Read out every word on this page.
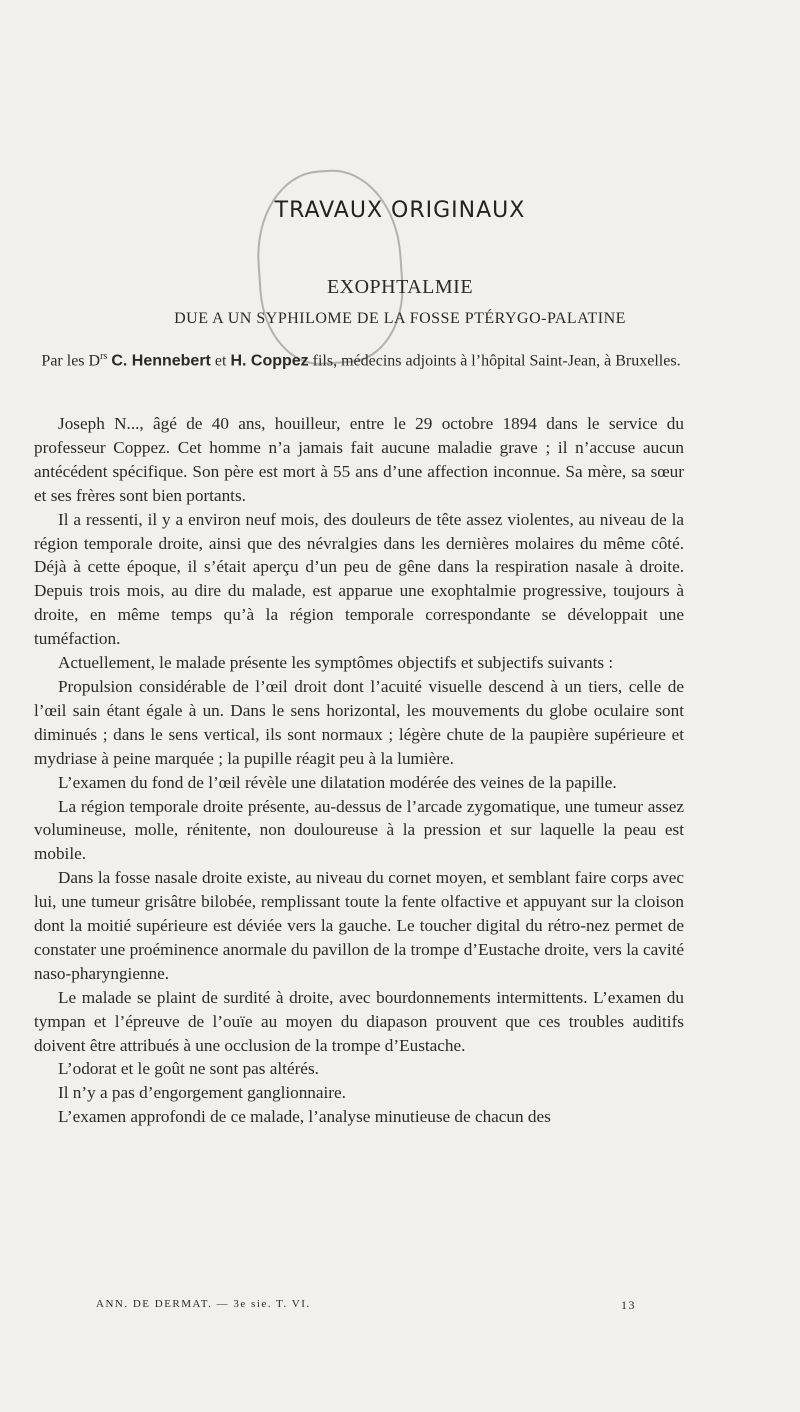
TRAVAUX ORIGINAUX
EXOPHTALMIE
DUE A UN SYPHILOME DE LA FOSSE PTÉRYGO-PALATINE
Par les $D^{rs}$ C. Hennebert et H. Coppez fils, médecins adjoints à l’hôpital Saint-Jean, à Bruxelles.

Joseph N..., âgé de 40 ans, houilleur, entre le 29 octobre 1894 dans le service du professeur Coppez. Cet homme n’a jamais fait aucune maladie grave ; il n’accuse aucun antécédent spécifique. Son père est mort à 55 ans d’une affection inconnue. Sa mère, sa sœur et ses frères sont bien portants.

Il a ressenti, il y a environ neuf mois, des douleurs de tête assez violentes, au niveau de la région temporale droite, ainsi que des névralgies dans les dernières molaires du même côté. Déjà à cette époque, il s’était aperçu d’un peu de gêne dans la respiration nasale à droite. Depuis trois mois, au dire du malade, est apparue une exophtalmie progressive, toujours à droite, en même temps qu’à la région temporale correspondante se développait une tuméfaction.

Actuellement, le malade présente les symptômes objectifs et subjectifs suivants :

Propulsion considérable de l’œil droit dont l’acuité visuelle descend à un tiers, celle de l’œil sain étant égale à un. Dans le sens horizontal, les mouvements du globe oculaire sont diminués ; dans le sens vertical, ils sont normaux ; légère chute de la paupière supérieure et mydriase à peine marquée ; la pupille réagit peu à la lumière.

L’examen du fond de l’œil révèle une dilatation modérée des veines de la papille.

La région temporale droite présente, au-dessus de l’arcade zygomatique, une tumeur assez volumineuse, molle, rénitente, non douloureuse à la pression et sur laquelle la peau est mobile.

Dans la fosse nasale droite existe, au niveau du cornet moyen, et semblant faire corps avec lui, une tumeur grisâtre bilobée, remplissant toute la fente olfactive et appuyant sur la cloison dont la moitié supérieure est déviée vers la gauche. Le toucher digital du rétro-nez permet de constater une proéminence anormale du pavillon de la trompe d’Eustache droite, vers la cavité naso-pharyngienne.

Le malade se plaint de surdité à droite, avec bourdonnements intermittents. L’examen du tympan et l’épreuve de l’ouïe au moyen du diapason prouvent que ces troubles auditifs doivent être attribués à une occlusion de la trompe d’Eustache.

L’odorat et le goût ne sont pas altérés.

Il n’y a pas d’engorgement ganglionnaire.

L’examen approfondi de ce malade, l’analyse minutieuse de chacun des

ANN. DE DERMAT. — 3e sie. T. VI.	13
